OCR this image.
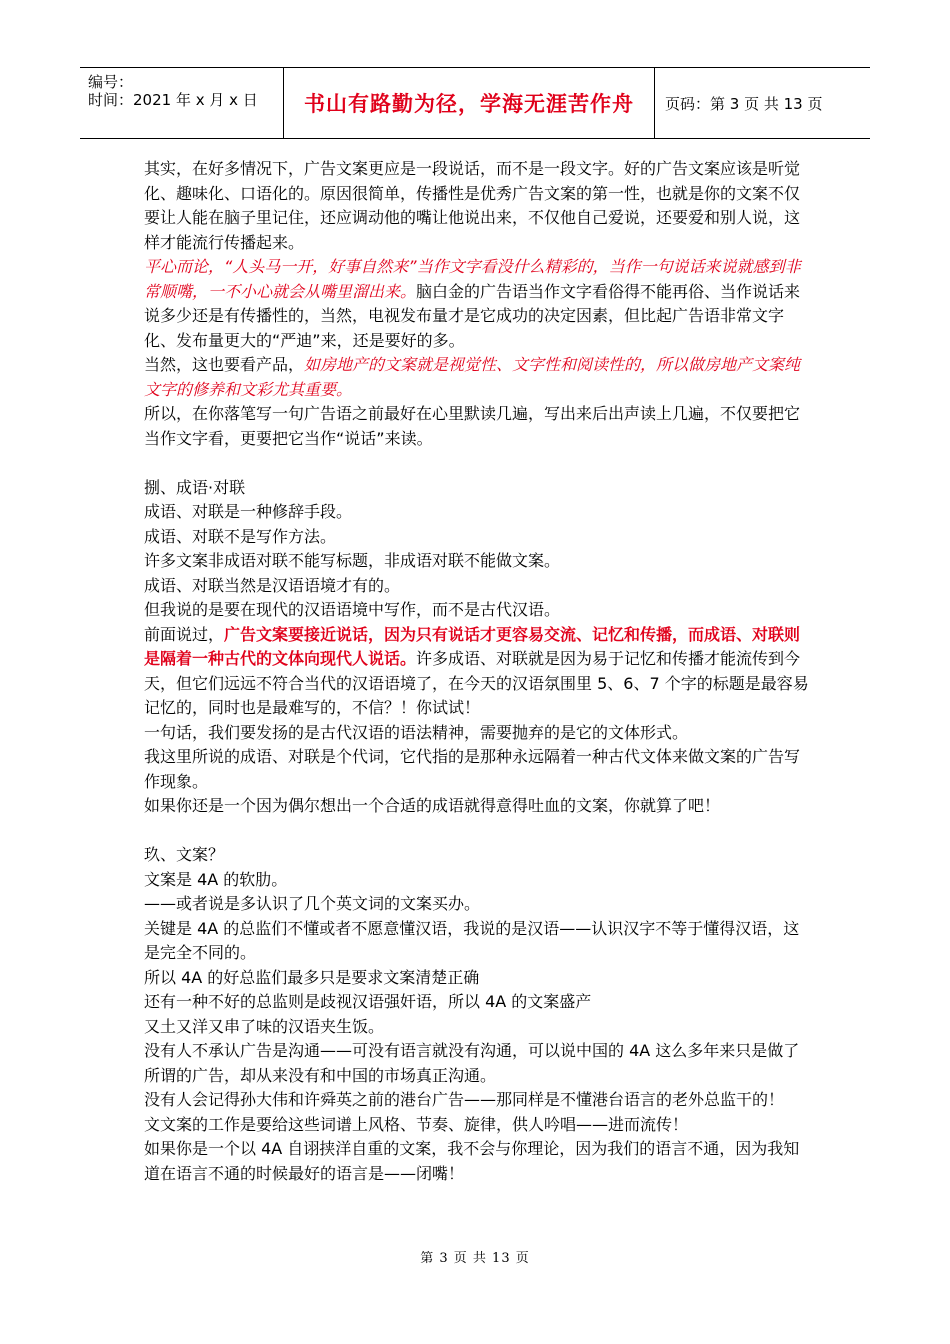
编号：
时间：2021 年 x 月 x 日	书山有路勤为径，学海无涯苦作舟	页码：第 3 页 共 13 页

其实，在好多情况下，广告文案更应是一段说话，而不是一段文字。好的广告文案应该是听觉化、趣味化、口语化的。原因很简单，传播性是优秀广告文案的第一性，也就是你的文案不仅要让人能在脑子里记住，还应调动他的嘴让他说出来，不仅他自己爱说，还要爱和别人说，这样才能流行传播起来。

平心而论，“人头马一开，好事自然来”当作文字看没什么精彩的，当作一句说话来说就感到非常顺嘴，一不小心就会从嘴里溜出来。脑白金的广告语当作文字看俗得不能再俗、当作说话来说多少还是有传播性的，当然，电视发布量才是它成功的决定因素，但比起广告语非常文字化、发布量更大的“严迪”来，还是要好的多。

当然，这也要看产品，如房地产的文案就是视觉性、文字性和阅读性的，所以做房地产文案纯文字的修养和文彩尤其重要。

所以，在你落笔写一句广告语之前最好在心里默读几遍，写出来后出声读上几遍，不仅要把它当作文字看，更要把它当作“说话”来读。

捌、成语·对联

成语、对联是一种修辞手段。

成语、对联不是写作方法。

许多文案非成语对联不能写标题，非成语对联不能做文案。

成语、对联当然是汉语语境才有的。

但我说的是要在现代的汉语语境中写作，而不是古代汉语。

前面说过，广告文案要接近说话，因为只有说话才更容易交流、记忆和传播，而成语、对联则是隔着一种古代的文体向现代人说话。许多成语、对联就是因为易于记忆和传播才能流传到今天，但它们远远不符合当代的汉语语境了，在今天的汉语氛围里 5、6、7 个字的标题是最容易记忆的，同时也是最难写的，不信？！你试试！

一句话，我们要发扬的是古代汉语的语法精神，需要抛弃的是它的文体形式。

我这里所说的成语、对联是个代词，它代指的是那种永远隔着一种古代文体来做文案的广告写作现象。

如果你还是一个因为偶尔想出一个合适的成语就得意得吐血的文案，你就算了吧！

玖、文案？

文案是 4A 的软肋。

——或者说是多认识了几个英文词的文案买办。

关键是 4A 的总监们不懂或者不愿意懂汉语，我说的是汉语——认识汉字不等于懂得汉语，这是完全不同的。

所以 4A 的好总监们最多只是要求文案清楚正确

还有一种不好的总监则是歧视汉语强奸语，所以 4A 的文案盛产

又土又洋又串了味的汉语夹生饭。

没有人不承认广告是沟通——可没有语言就没有沟通，可以说中国的 4A 这么多年来只是做了所谓的广告，却从来没有和中国的市场真正沟通。

没有人会记得孙大伟和许舜英之前的港台广告——那同样是不懂港台语言的老外总监干的！

文文案的工作是要给这些词谱上风格、节奏、旋律，供人吟唱——进而流传！

如果你是一个以 4A 自诩挟洋自重的文案，我不会与你理论，因为我们的语言不通，因为我知道在语言不通的时候最好的语言是——闭嘴！

第 3 页 共 13 页
